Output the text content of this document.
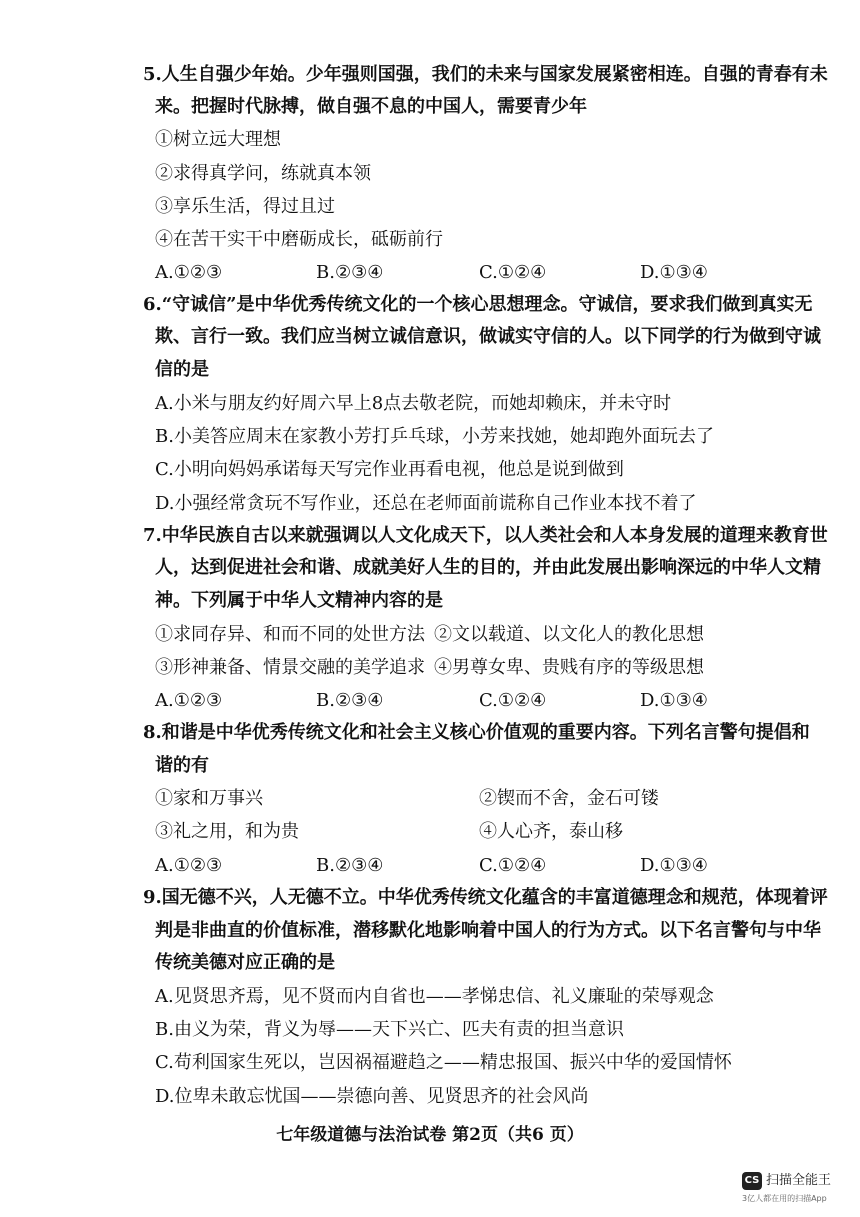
5.人生自强少年始。少年强则国强，我们的未来与国家发展紧密相连。自强的青春有未
来。把握时代脉搏，做自强不息的中国人，需要青少年
①树立远大理想
②求得真学问，练就真本领
③享乐生活，得过且过
④在苦干实干中磨砺成长，砥砺前行
A.①②③	B.②③④	C.①②④	D.①③④
6.“守诚信”是中华优秀传统文化的一个核心思想理念。守诚信，要求我们做到真实无
欺、言行一致。我们应当树立诚信意识，做诚实守信的人。以下同学的行为做到守诚
信的是
A.小米与朋友约好周六早上8点去敬老院，而她却赖床，并未守时
B.小美答应周末在家教小芳打乒乓球，小芳来找她，她却跑外面玩去了
C.小明向妈妈承诺每天写完作业再看电视，他总是说到做到
D.小强经常贪玩不写作业，还总在老师面前谎称自己作业本找不着了
7.中华民族自古以来就强调以人文化成天下，以人类社会和人本身发展的道理来教育世
人，达到促进社会和谐、成就美好人生的目的，并由此发展出影响深远的中华人文精
神。下列属于中华人文精神内容的是
①求同存异、和而不同的处世方法 ②文以载道、以文化人的教化思想
③形神兼备、情景交融的美学追求 ④男尊女卑、贵贱有序的等级思想
A.①②③	B.②③④	C.①②④	D.①③④
8.和谐是中华优秀传统文化和社会主义核心价值观的重要内容。下列名言警句提倡和
谐的有
①家和万事兴	②锲而不舍，金石可镂
③礼之用，和为贵	④人心齐，泰山移
A.①②③	B.②③④	C.①②④	D.①③④
9.国无德不兴，人无德不立。中华优秀传统文化蕴含的丰富道德理念和规范，体现着评
判是非曲直的价值标准，潜移默化地影响着中国人的行为方式。以下名言警句与中华
传统美德对应正确的是
A.见贤思齐焉，见不贤而内自省也——孝悌忠信、礼义廉耻的荣辱观念
B.由义为荣，背义为辱——天下兴亡、匹夫有责的担当意识
C.苟利国家生死以，岂因祸福避趋之——精忠报国、振兴中华的爱国情怀
D.位卑未敢忘忧国——崇德向善、见贤思齐的社会风尚
七年级道德与法治试卷 第2页（共6 页）
CS 扫描全能王
3亿人都在用的扫描App
